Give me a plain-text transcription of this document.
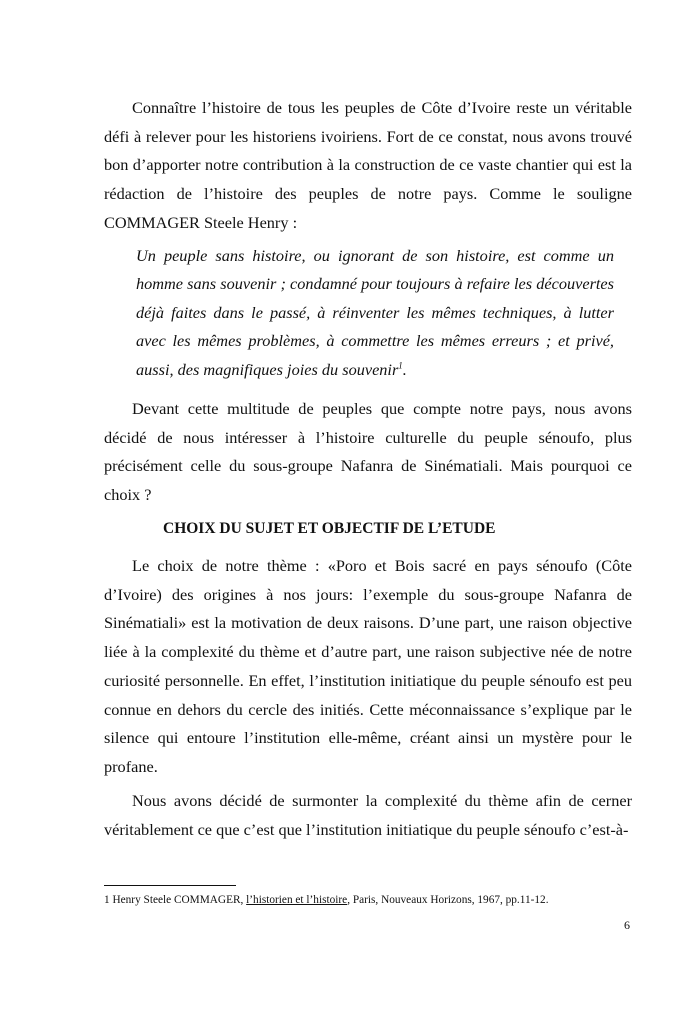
Connaître l’histoire de tous les peuples de Côte d’Ivoire reste un véritable défi à relever pour les historiens ivoiriens. Fort de ce constat, nous avons trouvé bon d’apporter notre contribution à la construction de ce vaste chantier qui est la rédaction de l’histoire des peuples de notre pays. Comme le souligne COMMAGER Steele Henry :

Un peuple sans histoire, ou ignorant de son histoire, est comme un homme sans souvenir ; condamné pour toujours à refaire les découvertes déjà faites dans le passé, à réinventer les mêmes techniques, à lutter avec les mêmes problèmes, à commettre les mêmes erreurs ; et privé, aussi, des magnifiques joies du souvenir$^1$.

Devant cette multitude de peuples que compte notre pays, nous avons décidé de nous intéresser à l’histoire culturelle du peuple sénoufo, plus précisément celle du sous-groupe Nafanra de Sinématiali. Mais pourquoi ce choix ?

CHOIX DU SUJET ET OBJECTIF DE L’ETUDE

Le choix de notre thème : «Poro et Bois sacré en pays sénoufo (Côte d’Ivoire) des origines à nos jours: l’exemple du sous-groupe Nafanra de Sinématiali» est la motivation de deux raisons. D’une part, une raison objective liée à la complexité du thème et d’autre part, une raison subjective née de notre curiosité personnelle. En effet, l’institution initiatique du peuple sénoufo est peu connue en dehors du cercle des initiés. Cette méconnaissance s’explique par le silence qui entoure l’institution elle-même, créant ainsi un mystère pour le profane.

Nous avons décidé de surmonter la complexité du thème afin de cerner véritablement ce que c’est que l’institution initiatique du peuple sénoufo c’est-à-

1 Henry Steele COMMAGER, l’historien et l’histoire, Paris, Nouveaux Horizons, 1967, pp.11-12.
6
